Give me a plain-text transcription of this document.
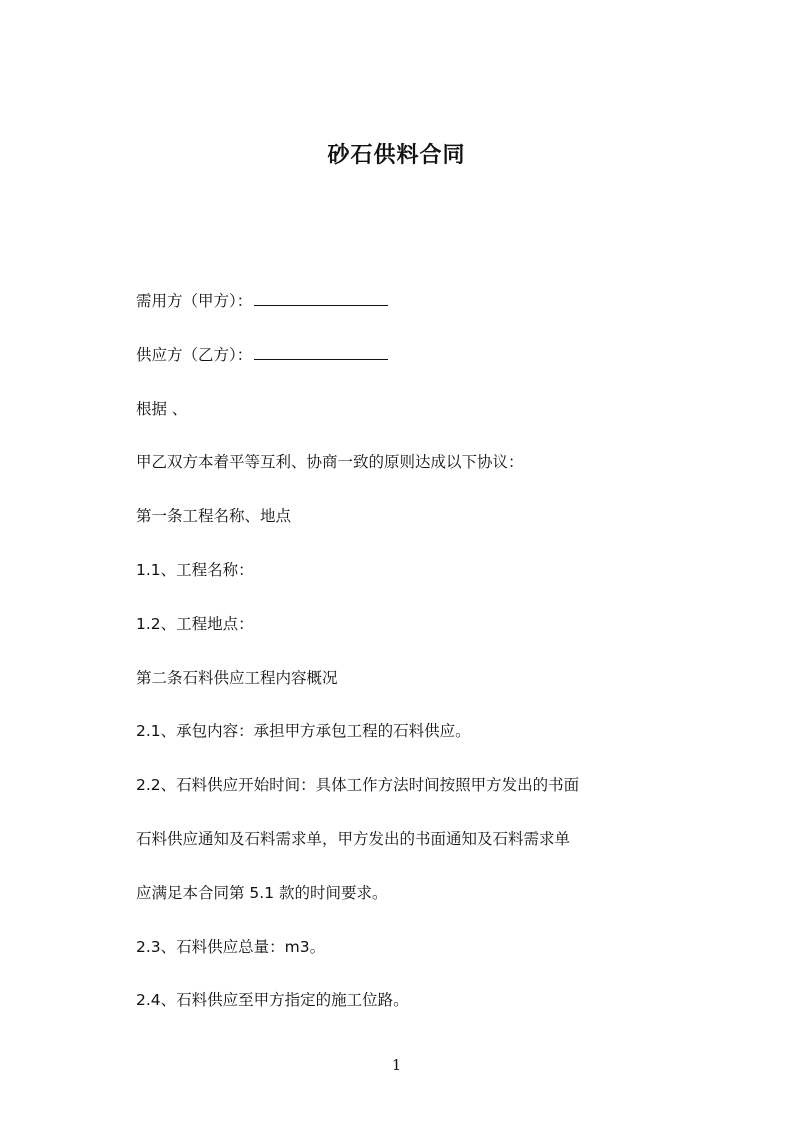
砂石供料合同
需用方（甲方）：
供应方（乙方）：
根据 、
甲乙双方本着平等互利、协商一致的原则达成以下协议：
第一条工程名称、地点
1.1、工程名称：
1.2、工程地点：
第二条石料供应工程内容概况
2.1、承包内容：承担甲方承包工程的石料供应。
2.2、石料供应开始时间：具体工作方法时间按照甲方发出的书面
石料供应通知及石料需求单，甲方发出的书面通知及石料需求单
应满足本合同第 5.1 款的时间要求。
2.3、石料供应总量：m3。
2.4、石料供应至甲方指定的施工位路。
1
